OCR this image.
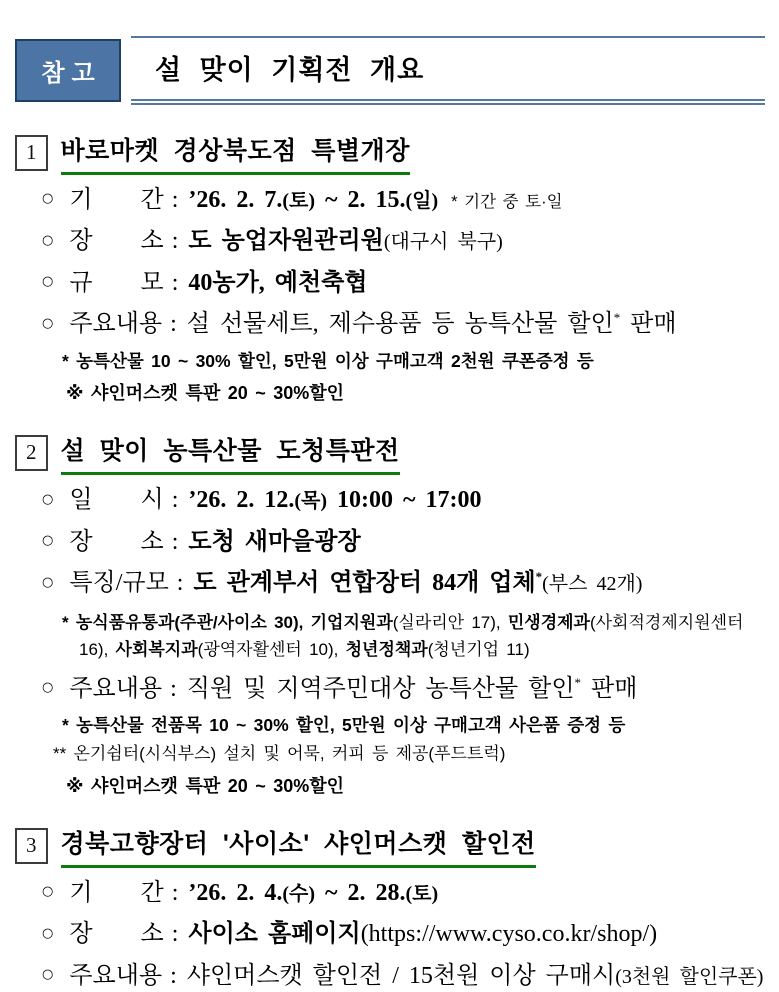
참고 설 맞이 기획전 개요
1 바로마켓 경상북도점 특별개장
○ 기　　간 : ’26. 2. 7.(토) ~ 2. 15.(일) * 기간 중 토·일
○ 장　　소 : 도 농업자원관리원(대구시 북구)
○ 규　　모 : 40농가, 예천축협
○ 주요내용 : 설 선물세트, 제수용품 등 농특산물 할인* 판매
* 농특산물 10 ~ 30% 할인, 5만원 이상 구매고객 2천원 쿠폰증정 등
※ 샤인머스켓 특판 20 ~ 30%할인
2 설 맞이 농특산물 도청특판전
○ 일　　시 : ’26. 2. 12.(목) 10:00 ~ 17:00
○ 장　　소 : 도청 새마을광장
○ 특징/규모 : 도 관계부서 연합장터 84개 업체*(부스 42개)
* 농식품유통과(주관/사이소 30), 기업지원과(실라리안 17), 민생경제과(사회적경제지원센터 16), 사회복지과(광역자활센터 10), 청년정책과(청년기업 11)
○ 주요내용 : 직원 및 지역주민대상 농특산물 할인* 판매
* 농특산물 전품목 10 ~ 30% 할인, 5만원 이상 구매고객 사은품 증정 등
** 온기쉼터(시식부스) 설치 및 어묵, 커피 등 제공(푸드트럭)
※ 샤인머스캣 특판 20 ~ 30%할인
3 경북고향장터 '사이소' 샤인머스캣 할인전
○ 기　　간 : ’26. 2. 4.(수) ~ 2. 28.(토)
○ 장　　소 : 사이소 홈페이지(https://www.cyso.co.kr/shop/)
○ 주요내용 : 샤인머스캣 할인전 / 15천원 이상 구매시(3천원 할인쿠폰)
